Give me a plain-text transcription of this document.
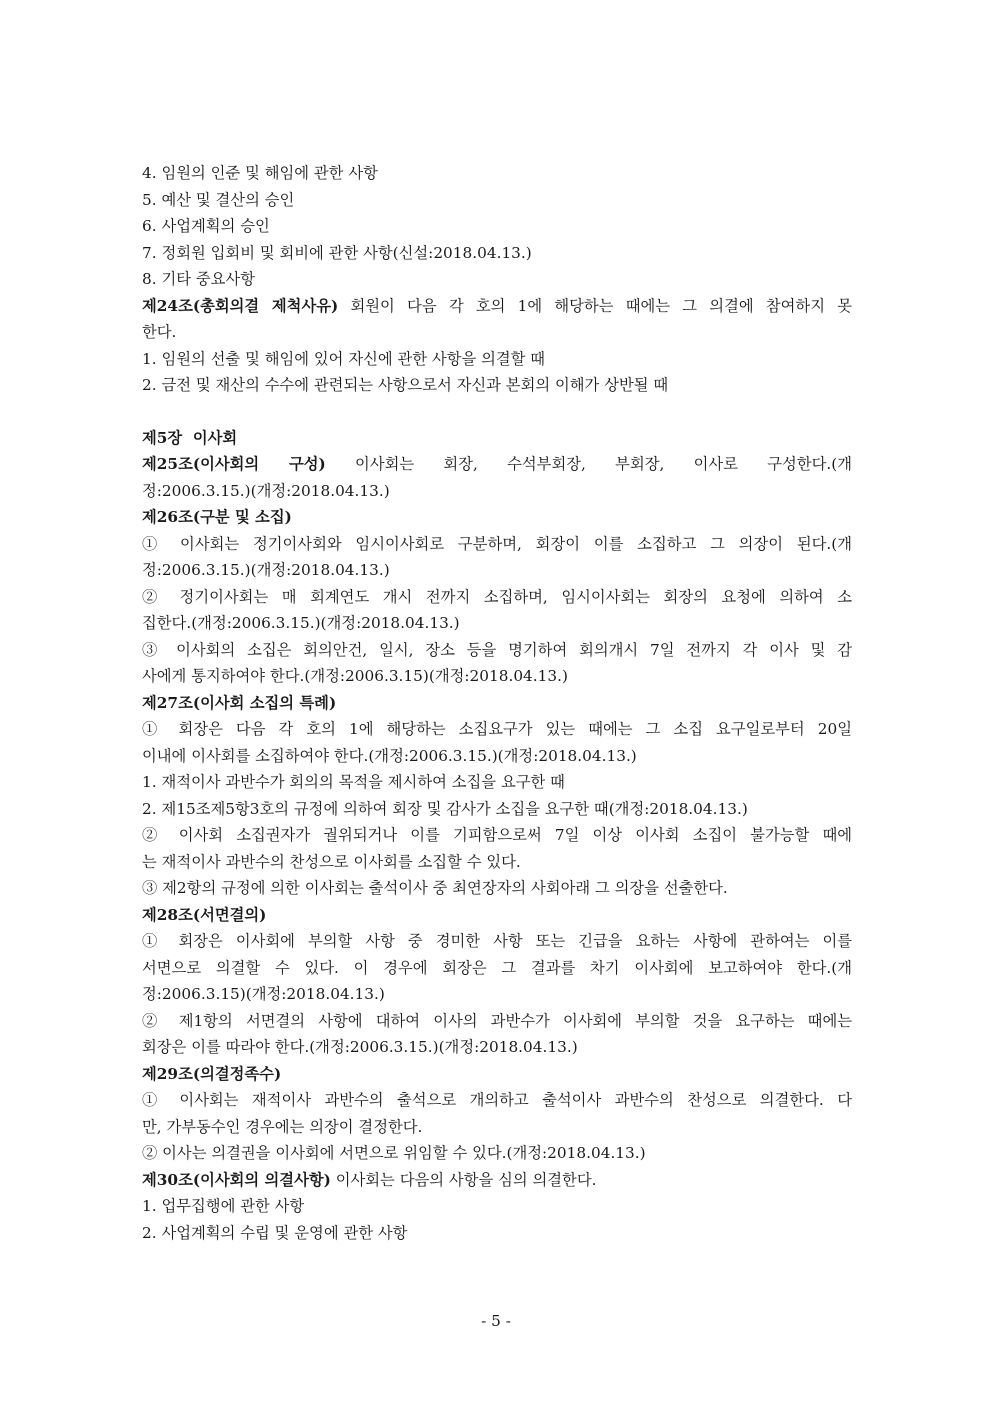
4. 임원의 인준 및 해임에 관한 사항
5. 예산 및 결산의 승인
6. 사업계획의 승인
7. 정회원 입회비 및 회비에 관한 사항(신설:2018.04.13.)
8. 기타 중요사항
제24조(총회의결 제척사유) 회원이 다음 각 호의 1에 해당하는 때에는 그 의결에 참여하지 못
한다.
1. 임원의 선출 및 해임에 있어 자신에 관한 사항을 의결할 때
2. 금전 및 재산의 수수에 관련되는 사항으로서 자신과 본회의 이해가 상반될 때
제5장  이사회
제25조(이사회의 구성) 이사회는 회장, 수석부회장, 부회장, 이사로 구성한다.(개
정:2006.3.15.)(개정:2018.04.13.)
제26조(구분 및 소집)
① 이사회는 정기이사회와 임시이사회로 구분하며, 회장이 이를 소집하고 그 의장이 된다.(개
정:2006.3.15.)(개정:2018.04.13.)
② 정기이사회는 매 회계연도 개시 전까지 소집하며, 임시이사회는 회장의 요청에 의하여 소
집한다.(개정:2006.3.15.)(개정:2018.04.13.)
③ 이사회의 소집은 회의안건, 일시, 장소 등을 명기하여 회의개시 7일 전까지 각 이사 및 감
사에게 통지하여야 한다.(개정:2006.3.15)(개정:2018.04.13.)
제27조(이사회 소집의 특례)
① 회장은 다음 각 호의 1에 해당하는 소집요구가 있는 때에는 그 소집 요구일로부터 20일
이내에 이사회를 소집하여야 한다.(개정:2006.3.15.)(개정:2018.04.13.)
1. 재적이사 과반수가 회의의 목적을 제시하여 소집을 요구한 때
2. 제15조제5항3호의 규정에 의하여 회장 및 감사가 소집을 요구한 때(개정:2018.04.13.)
② 이사회 소집권자가 궐위되거나 이를 기피함으로써 7일 이상 이사회 소집이 불가능할 때에
는 재적이사 과반수의 찬성으로 이사회를 소집할 수 있다.
③ 제2항의 규정에 의한 이사회는 출석이사 중 최연장자의 사회아래 그 의장을 선출한다.
제28조(서면결의)
① 회장은 이사회에 부의할 사항 중 경미한 사항 또는 긴급을 요하는 사항에 관하여는 이를
서면으로 의결할 수 있다. 이 경우에 회장은 그 결과를 차기 이사회에 보고하여야 한다.(개
정:2006.3.15)(개정:2018.04.13.)
② 제1항의 서면결의 사항에 대하여 이사의 과반수가 이사회에 부의할 것을 요구하는 때에는
회장은 이를 따라야 한다.(개정:2006.3.15.)(개정:2018.04.13.)
제29조(의결정족수)
① 이사회는 재적이사 과반수의 출석으로 개의하고 출석이사 과반수의 찬성으로 의결한다. 다
만, 가부동수인 경우에는 의장이 결정한다.
② 이사는 의결권을 이사회에 서면으로 위임할 수 있다.(개정:2018.04.13.)
제30조(이사회의 의결사항) 이사회는 다음의 사항을 심의 의결한다.
1. 업무집행에 관한 사항
2. 사업계획의 수립 및 운영에 관한 사항
- 5 -
